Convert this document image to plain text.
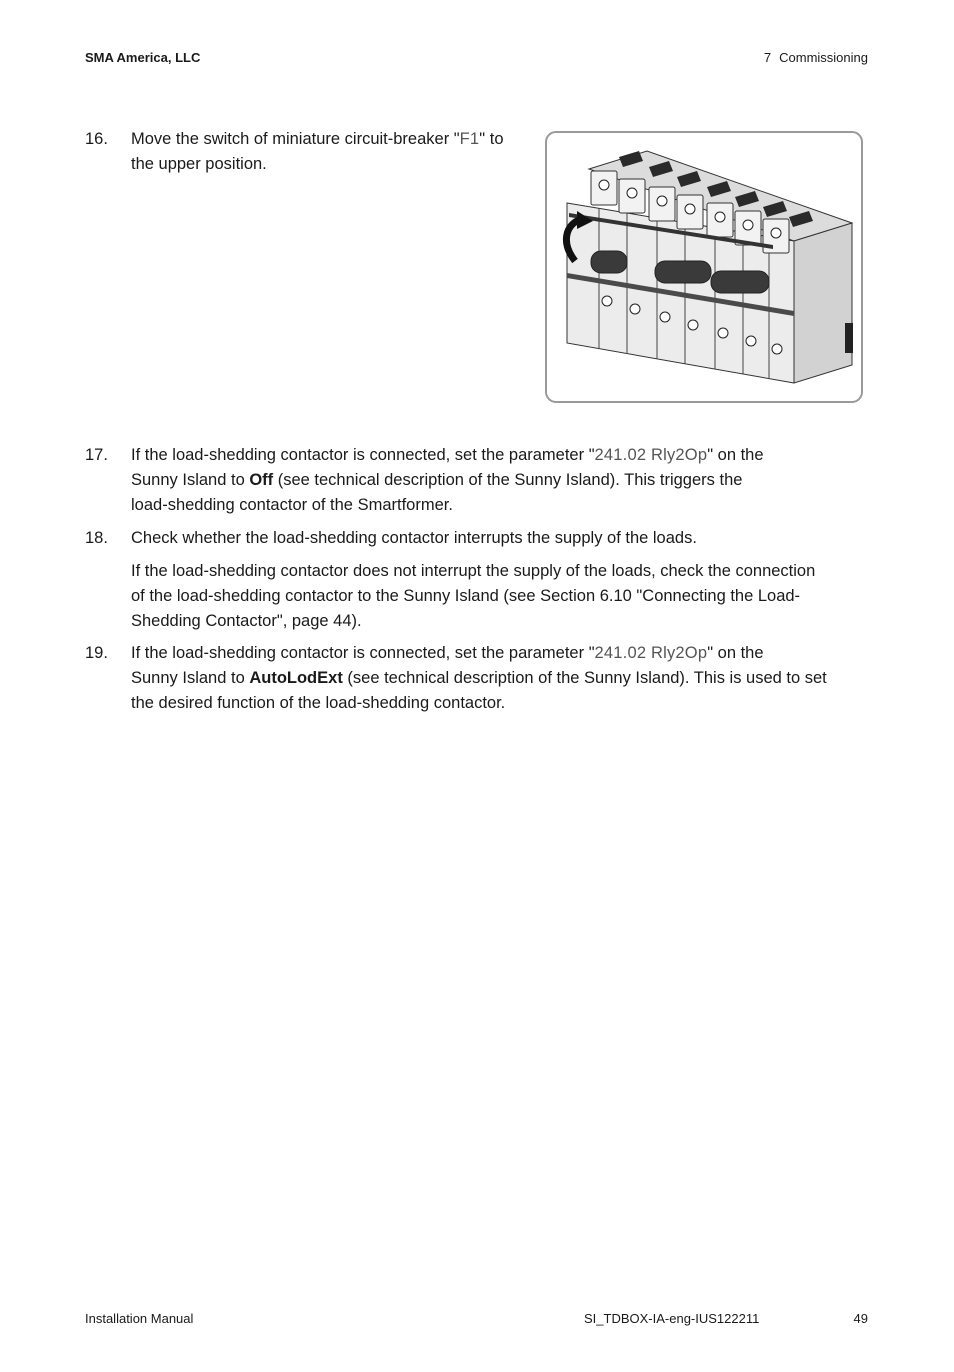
SMA America, LLC	7 Commissioning
16.	Move the switch of miniature circuit-breaker "F1" to
the upper position.
17.	If the load-shedding contactor is connected, set the parameter "241.02 Rly2Op" on the
Sunny Island to Off (see technical description of the Sunny Island). This triggers the
load-shedding contactor of the Smartformer.
18.	Check whether the load-shedding contactor interrupts the supply of the loads.
If the load-shedding contactor does not interrupt the supply of the loads, check the connection
of the load-shedding contactor to the Sunny Island (see Section 6.10 "Connecting the Load-
Shedding Contactor", page 44).
19.	If the load-shedding contactor is connected, set the parameter "241.02 Rly2Op" on the
Sunny Island to AutoLodExt (see technical description of the Sunny Island). This is used to set
the desired function of the load-shedding contactor.
Installation Manual	SI_TDBOX-IA-eng-IUS122211	49
